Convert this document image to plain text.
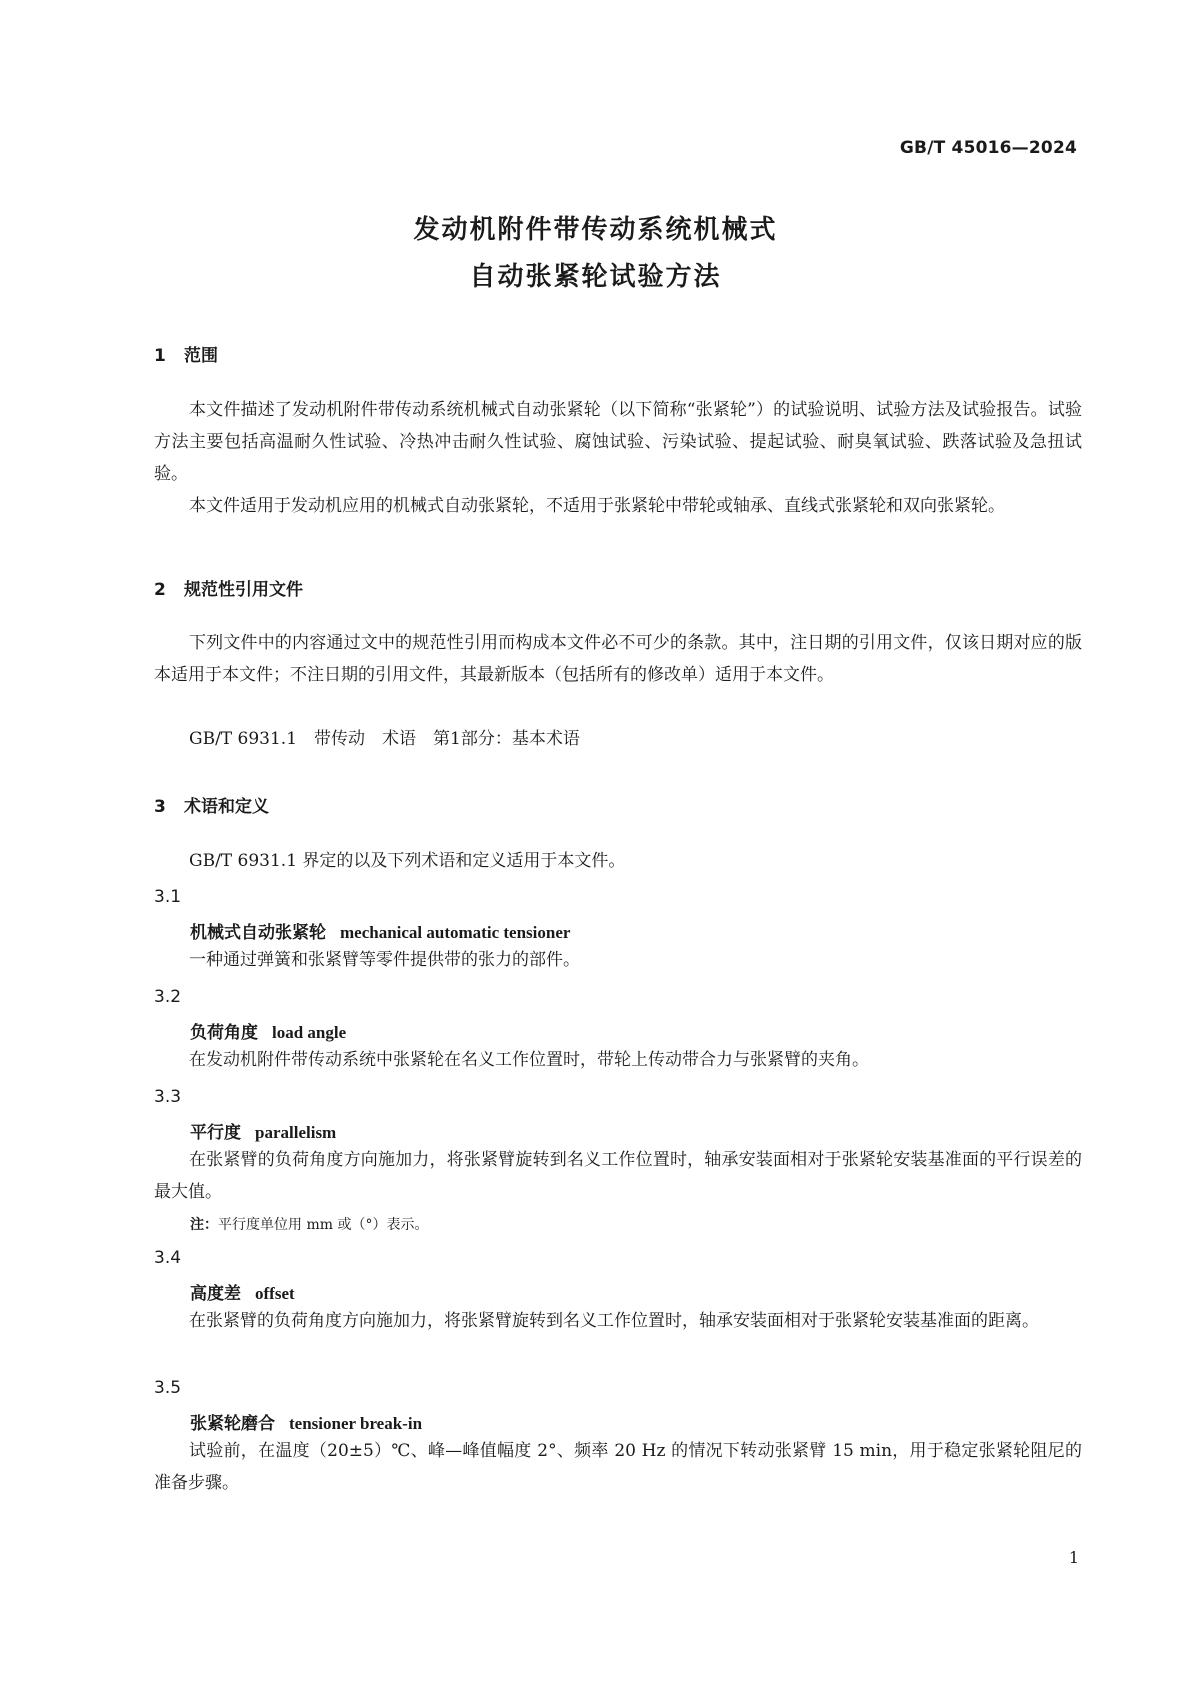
GB/T 45016—2024
发动机附件带传动系统机械式
自动张紧轮试验方法
1 范围
本文件描述了发动机附件带传动系统机械式自动张紧轮（以下简称“张紧轮”）的试验说明、试验方法及试验报告。试验方法主要包括高温耐久性试验、冷热冲击耐久性试验、腐蚀试验、污染试验、提起试验、耐臭氧试验、跌落试验及急扭试验。
本文件适用于发动机应用的机械式自动张紧轮，不适用于张紧轮中带轮或轴承、直线式张紧轮和双向张紧轮。
2 规范性引用文件
下列文件中的内容通过文中的规范性引用而构成本文件必不可少的条款。其中，注日期的引用文件，仅该日期对应的版本适用于本文件；不注日期的引用文件，其最新版本（包括所有的修改单）适用于本文件。
GB/T 6931.1　带传动　术语　第1部分：基本术语
3 术语和定义
GB/T 6931.1 界定的以及下列术语和定义适用于本文件。
3.1
机械式自动张紧轮 mechanical automatic tensioner
一种通过弹簧和张紧臂等零件提供带的张力的部件。
3.2
负荷角度 load angle
在发动机附件带传动系统中张紧轮在名义工作位置时，带轮上传动带合力与张紧臂的夹角。
3.3
平行度 parallelism
在张紧臂的负荷角度方向施加力，将张紧臂旋转到名义工作位置时，轴承安装面相对于张紧轮安装基准面的平行误差的最大值。
注：平行度单位用 mm 或（°）表示。
3.4
高度差 offset
在张紧臂的负荷角度方向施加力，将张紧臂旋转到名义工作位置时，轴承安装面相对于张紧轮安装基准面的距离。
3.5
张紧轮磨合 tensioner break-in
试验前，在温度（20±5）℃、峰—峰值幅度 2°、频率 20 Hz 的情况下转动张紧臂 15 min，用于稳定张紧轮阻尼的准备步骤。
1
